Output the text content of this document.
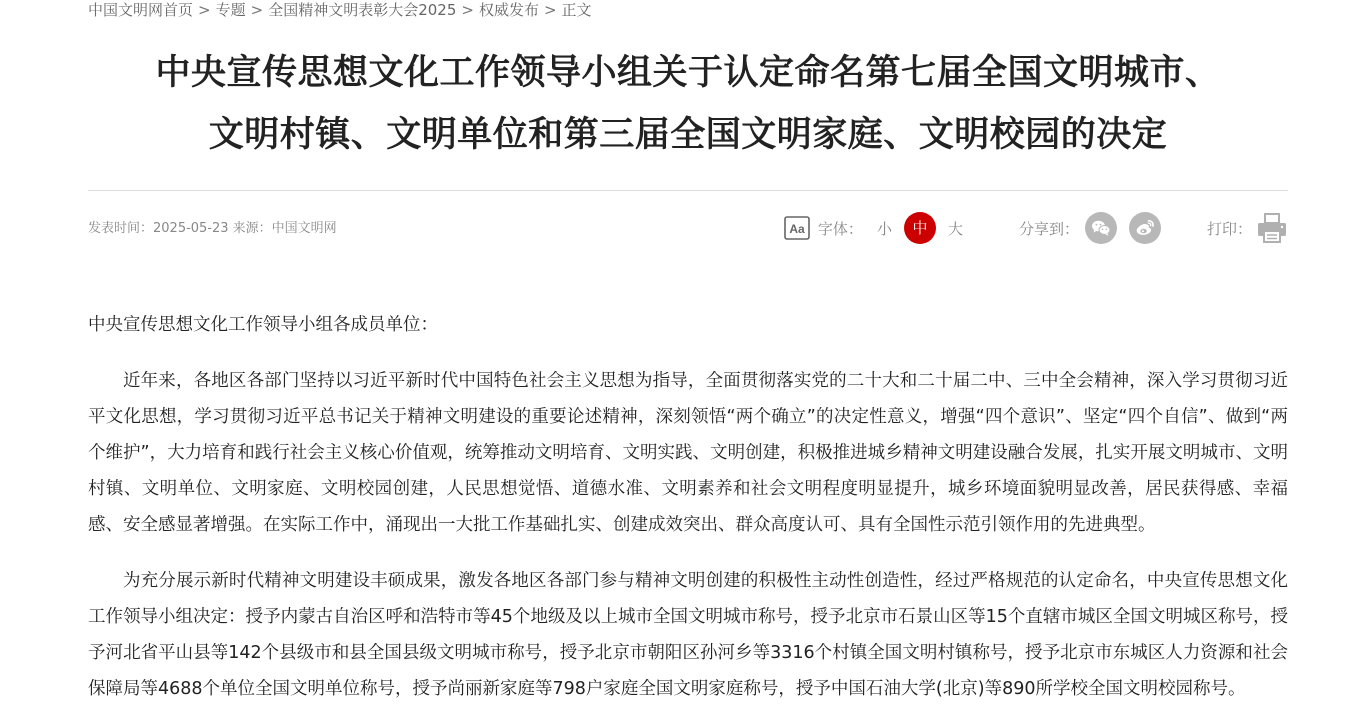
中国文明网首页 > 专题 > 全国精神文明表彰大会2025 > 权威发布 > 正文
中央宣传思想文化工作领导小组关于认定命名第七届全国文明城市、
文明村镇、文明单位和第三届全国文明家庭、文明校园的决定
发表时间：2025-05-23 来源：中国文明网	Aa 字体： 小	中	大	分享到：	打印：

中央宣传思想文化工作领导小组各成员单位：

近年来，各地区各部门坚持以习近平新时代中国特色社会主义思想为指导，全面贯彻落实党的二十大和二十届二中、三中全会精神，深入学习贯彻习近平文化思想，学习贯彻习近平总书记关于精神文明建设的重要论述精神，深刻领悟“两个确立”的决定性意义，增强“四个意识”、坚定“四个自信”、做到“两个维护”，大力培育和践行社会主义核心价值观，统筹推动文明培育、文明实践、文明创建，积极推进城乡精神文明建设融合发展，扎实开展文明城市、文明村镇、文明单位、文明家庭、文明校园创建，人民思想觉悟、道德水准、文明素养和社会文明程度明显提升，城乡环境面貌明显改善，居民获得感、幸福感、安全感显著增强。在实际工作中，涌现出一大批工作基础扎实、创建成效突出、群众高度认可、具有全国性示范引领作用的先进典型。

为充分展示新时代精神文明建设丰硕成果，激发各地区各部门参与精神文明创建的积极性主动性创造性，经过严格规范的认定命名，中央宣传思想文化工作领导小组决定：授予内蒙古自治区呼和浩特市等45个地级及以上城市全国文明城市称号，授予北京市石景山区等15个直辖市城区全国文明城区称号，授予河北省平山县等142个县级市和县全国县级文明城市称号，授予北京市朝阳区孙河乡等3316个村镇全国文明村镇称号，授予北京市东城区人力资源和社会保障局等4688个单位全国文明单位称号，授予尚丽新家庭等798户家庭全国文明家庭称号，授予中国石油大学(北京)等890所学校全国文明校园称号。
